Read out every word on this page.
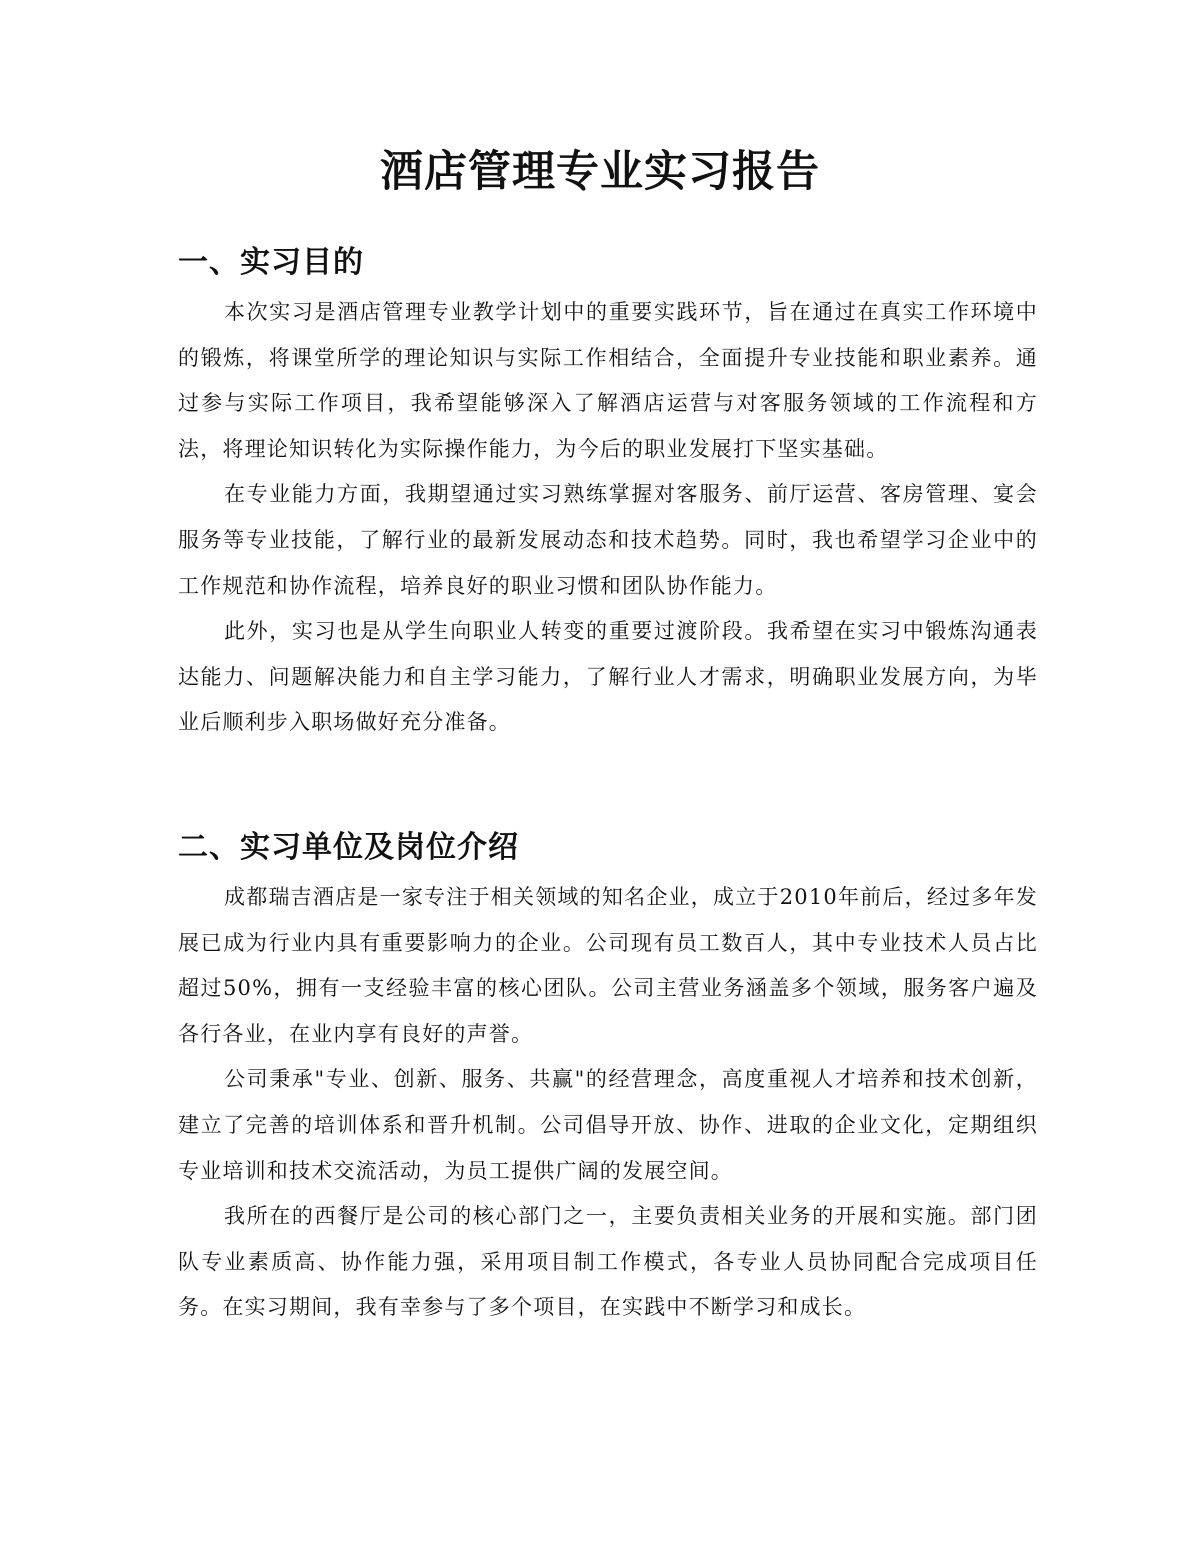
酒店管理专业实习报告
一、实习目的

本次实习是酒店管理专业教学计划中的重要实践环节，旨在通过在真实工作环境中的锻炼，将课堂所学的理论知识与实际工作相结合，全面提升专业技能和职业素养。通过参与实际工作项目，我希望能够深入了解酒店运营与对客服务领域的工作流程和方法，将理论知识转化为实际操作能力，为今后的职业发展打下坚实基础。

在专业能力方面，我期望通过实习熟练掌握对客服务、前厅运营、客房管理、宴会服务等专业技能，了解行业的最新发展动态和技术趋势。同时，我也希望学习企业中的工作规范和协作流程，培养良好的职业习惯和团队协作能力。

此外，实习也是从学生向职业人转变的重要过渡阶段。我希望在实习中锻炼沟通表达能力、问题解决能力和自主学习能力，了解行业人才需求，明确职业发展方向，为毕业后顺利步入职场做好充分准备。

二、实习单位及岗位介绍

成都瑞吉酒店是一家专注于相关领域的知名企业，成立于2010年前后，经过多年发展已成为行业内具有重要影响力的企业。公司现有员工数百人，其中专业技术人员占比超过50%，拥有一支经验丰富的核心团队。公司主营业务涵盖多个领域，服务客户遍及各行各业，在业内享有良好的声誉。

公司秉承"专业、创新、服务、共赢"的经营理念，高度重视人才培养和技术创新，建立了完善的培训体系和晋升机制。公司倡导开放、协作、进取的企业文化，定期组织专业培训和技术交流活动，为员工提供广阔的发展空间。

我所在的西餐厅是公司的核心部门之一，主要负责相关业务的开展和实施。部门团队专业素质高、协作能力强，采用项目制工作模式，各专业人员协同配合完成项目任务。在实习期间，我有幸参与了多个项目，在实践中不断学习和成长。
